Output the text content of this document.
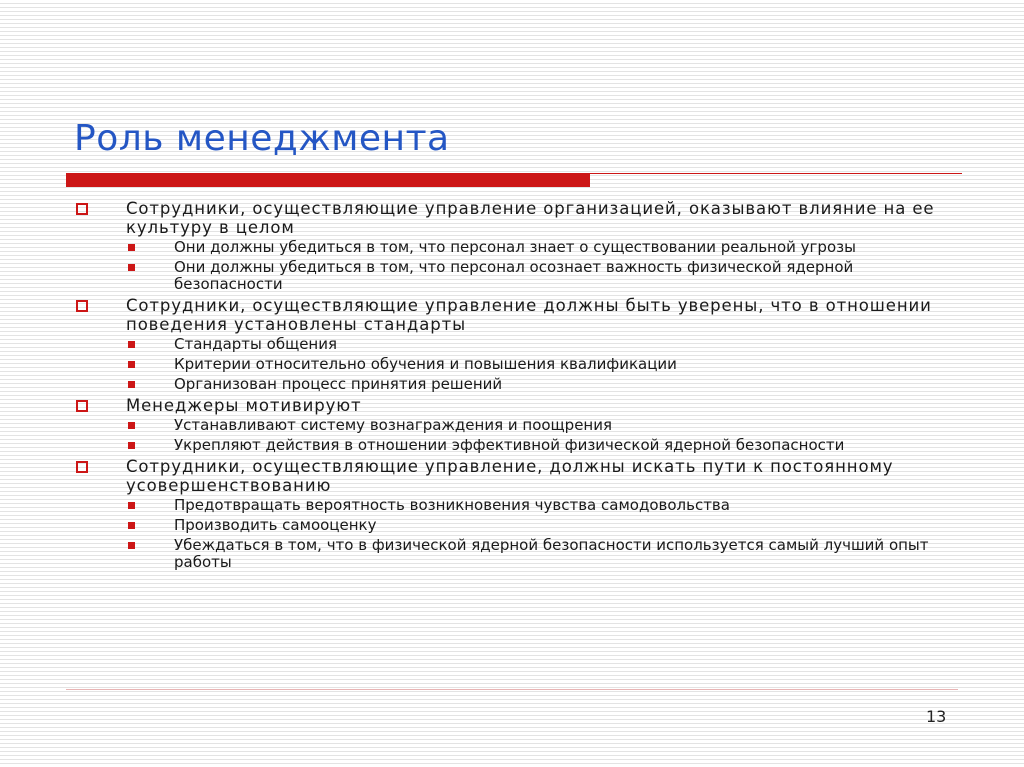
Роль менеджмента
Сотрудники, осуществляющие управление организацией, оказывают влияние на ее культуру в целом
Они должны убедиться в том, что персонал знает о существовании реальной угрозы
Они должны убедиться в том, что персонал осознает важность физической ядерной безопасности
Сотрудники, осуществляющие управление должны быть уверены, что в отношении поведения установлены стандарты
Стандарты общения
Критерии относительно обучения и повышения квалификации
Организован процесс принятия решений
Менеджеры мотивируют
Устанавливают систему вознаграждения и поощрения
Укрепляют действия в отношении эффективной физической ядерной безопасности
Сотрудники, осуществляющие управление, должны искать пути к постоянному усовершенствованию
Предотвращать вероятность возникновения чувства самодовольства
Производить самооценку
Убеждаться в том, что в физической ядерной безопасности используется самый лучший опыт работы
13
